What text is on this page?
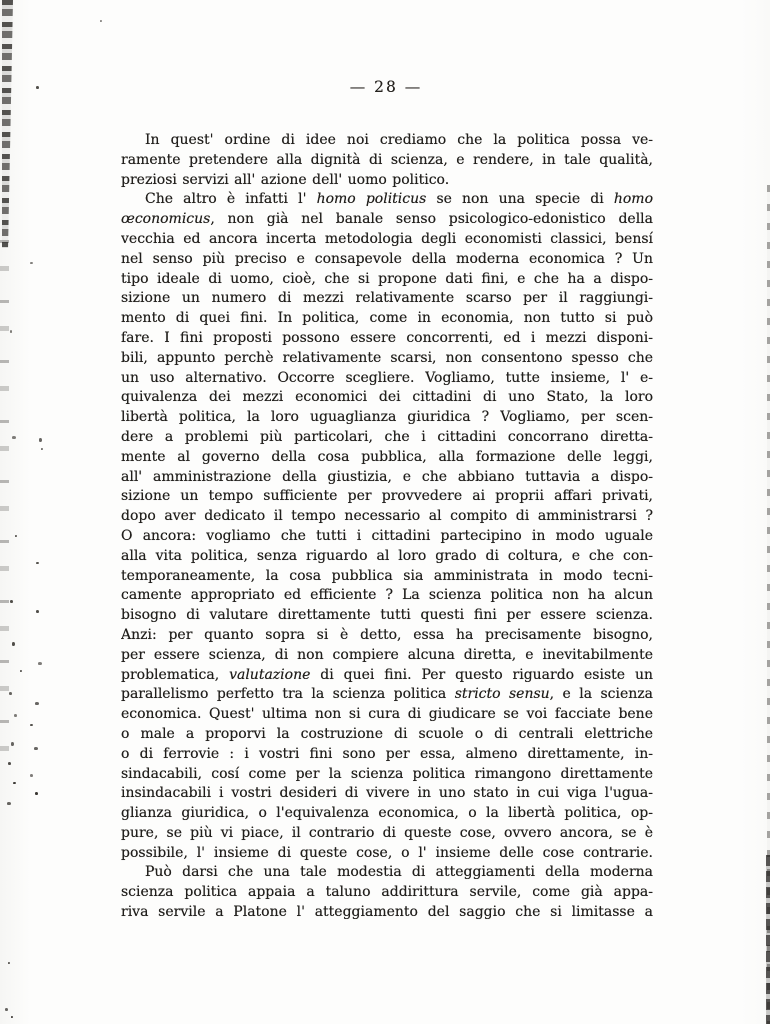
— 28 —
In quest' ordine di idee noi crediamo che la politica possa ve-
ramente pretendere alla dignità di scienza, e rendere, in tale qualità,
preziosi servizi all' azione dell' uomo politico.
Che altro è infatti l' homo politicus se non una specie di homo
œconomicus, non già nel banale senso psicologico-edonistico della
vecchia ed ancora incerta metodologia degli economisti classici, bensí
nel senso più preciso e consapevole della moderna economica ? Un
tipo ideale di uomo, cioè, che si propone dati fini, e che ha a dispo-
sizione un numero di mezzi relativamente scarso per il raggiungi-
mento di quei fini. In politica, come in economia, non tutto si può
fare. I fini proposti possono essere concorrenti, ed i mezzi disponi-
bili, appunto perchè relativamente scarsi, non consentono spesso che
un uso alternativo. Occorre scegliere. Vogliamo, tutte insieme, l' e-
quivalenza dei mezzi economici dei cittadini di uno Stato, la loro
libertà politica, la loro uguaglianza giuridica ? Vogliamo, per scen-
dere a problemi più particolari, che i cittadini concorrano diretta-
mente al governo della cosa pubblica, alla formazione delle leggi,
all' amministrazione della giustizia, e che abbiano tuttavia a dispo-
sizione un tempo sufficiente per provvedere ai proprii affari privati,
dopo aver dedicato il tempo necessario al compito di amministrarsi ?
O ancora: vogliamo che tutti i cittadini partecipino in modo uguale
alla vita politica, senza riguardo al loro grado di coltura, e che con-
temporaneamente, la cosa pubblica sia amministrata in modo tecni-
camente appropriato ed efficiente ? La scienza politica non ha alcun
bisogno di valutare direttamente tutti questi fini per essere scienza.
Anzi: per quanto sopra si è detto, essa ha precisamente bisogno,
per essere scienza, di non compiere alcuna diretta, e inevitabilmente
problematica, valutazione di quei fini. Per questo riguardo esiste un
parallelismo perfetto tra la scienza politica stricto sensu, e la scienza
economica. Quest' ultima non si cura di giudicare se voi facciate bene
o male a proporvi la costruzione di scuole o di centrali elettriche
o di ferrovie : i vostri fini sono per essa, almeno direttamente, in-
sindacabili, cosí come per la scienza politica rimangono direttamente
insindacabili i vostri desideri di vivere in uno stato in cui viga l'ugua-
glianza giuridica, o l'equivalenza economica, o la libertà politica, op-
pure, se più vi piace, il contrario di queste cose, ovvero ancora, se è
possibile, l' insieme di queste cose, o l' insieme delle cose contrarie.
Può darsi che una tale modestia di atteggiamenti della moderna
scienza politica appaia a taluno addirittura servile, come già appa-
riva servile a Platone l' atteggiamento del saggio che si limitasse a
